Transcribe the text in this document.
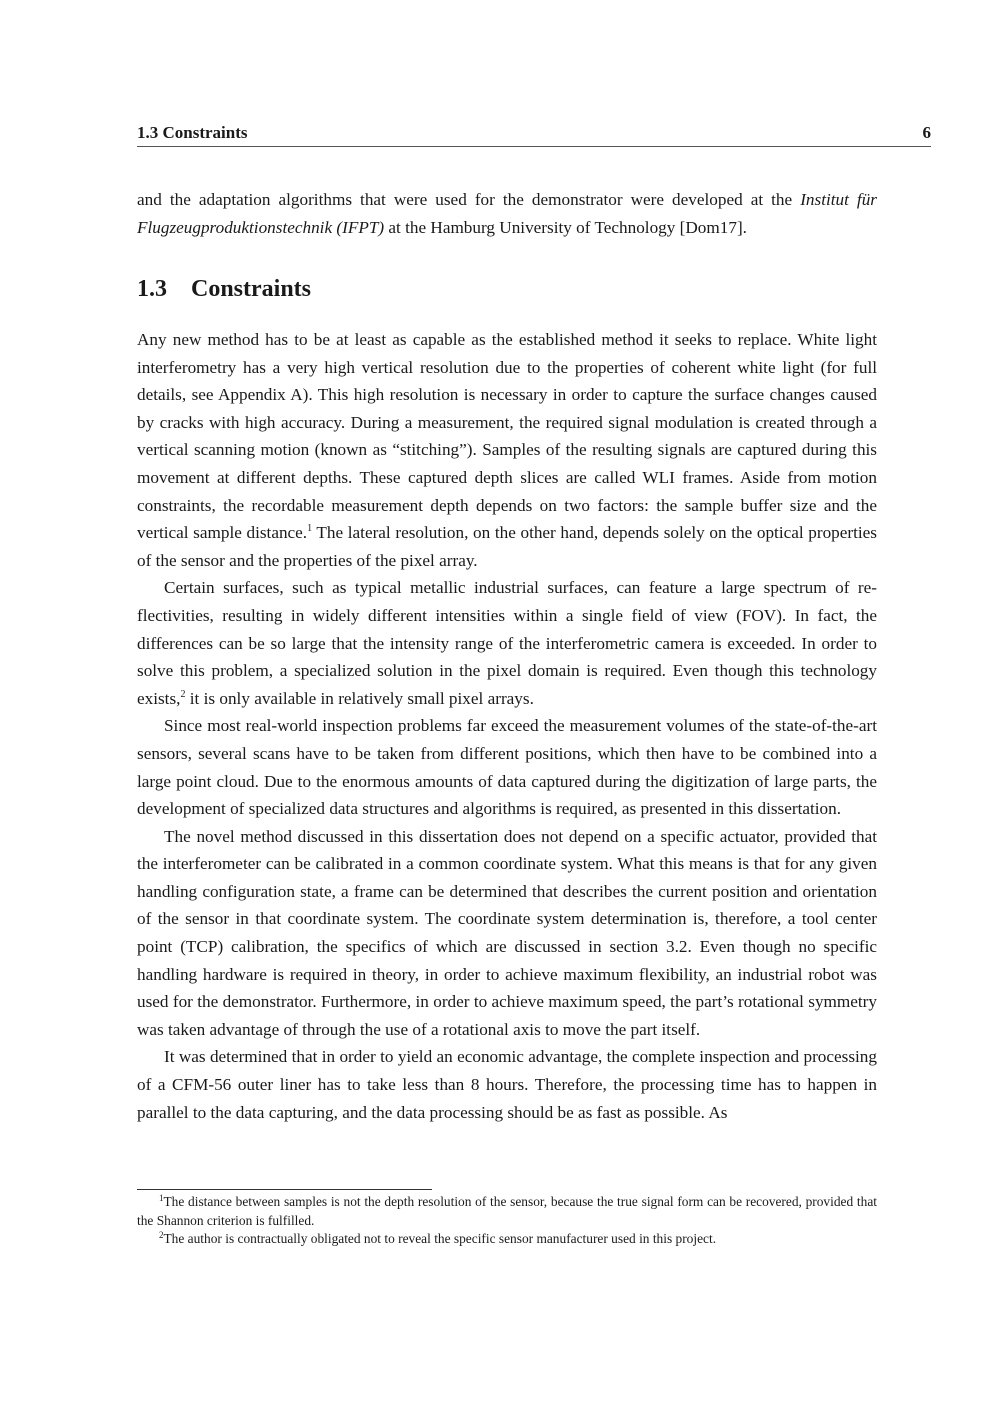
1.3 Constraints	6

and the adaptation algorithms that were used for the demonstrator were developed at the Institut für Flugzeugproduktionstechnik (IFPT) at the Hamburg University of Technology [Dom17].

1.3 Constraints

Any new method has to be at least as capable as the established method it seeks to replace. White light interferometry has a very high vertical resolution due to the properties of coherent white light (for full details, see Appendix A). This high resolution is necessary in order to capture the surface changes caused by cracks with high accuracy. During a measurement, the required signal modulation is created through a vertical scanning motion (known as “stitching”). Samples of the resulting signals are captured during this movement at different depths. These captured depth slices are called WLI frames. Aside from motion constraints, the recordable measurement depth depends on two factors: the sample buffer size and the vertical sample distance.$^1$ The lateral resolution, on the other hand, depends solely on the optical properties of the sensor and the properties of the pixel array.

Certain surfaces, such as typical metallic industrial surfaces, can feature a large spectrum of reflectivities, resulting in widely different intensities within a single field of view (FOV). In fact, the differences can be so large that the intensity range of the interferometric camera is exceeded. In order to solve this problem, a specialized solution in the pixel domain is required. Even though this technology exists,$^2$ it is only available in relatively small pixel arrays.

Since most real-world inspection problems far exceed the measurement volumes of the state-of-the-art sensors, several scans have to be taken from different positions, which then have to be combined into a large point cloud. Due to the enormous amounts of data captured during the digitization of large parts, the development of specialized data structures and algorithms is required, as presented in this dissertation.

The novel method discussed in this dissertation does not depend on a specific actuator, provided that the interferometer can be calibrated in a common coordinate system. What this means is that for any given handling configuration state, a frame can be determined that describes the current position and orientation of the sensor in that coordinate system. The coordinate system determination is, therefore, a tool center point (TCP) calibration, the specifics of which are discussed in section 3.2. Even though no specific handling hardware is required in theory, in order to achieve maximum flexibility, an industrial robot was used for the demonstrator. Furthermore, in order to achieve maximum speed, the part’s rotational symmetry was taken advantage of through the use of a rotational axis to move the part itself.

It was determined that in order to yield an economic advantage, the complete inspection and processing of a CFM-56 outer liner has to take less than 8 hours. Therefore, the processing time has to happen in parallel to the data capturing, and the data processing should be as fast as possible. As

$^1$The distance between samples is not the depth resolution of the sensor, because the true signal form can be recovered, provided that the Shannon criterion is fulfilled.

$^2$The author is contractually obligated not to reveal the specific sensor manufacturer used in this project.
